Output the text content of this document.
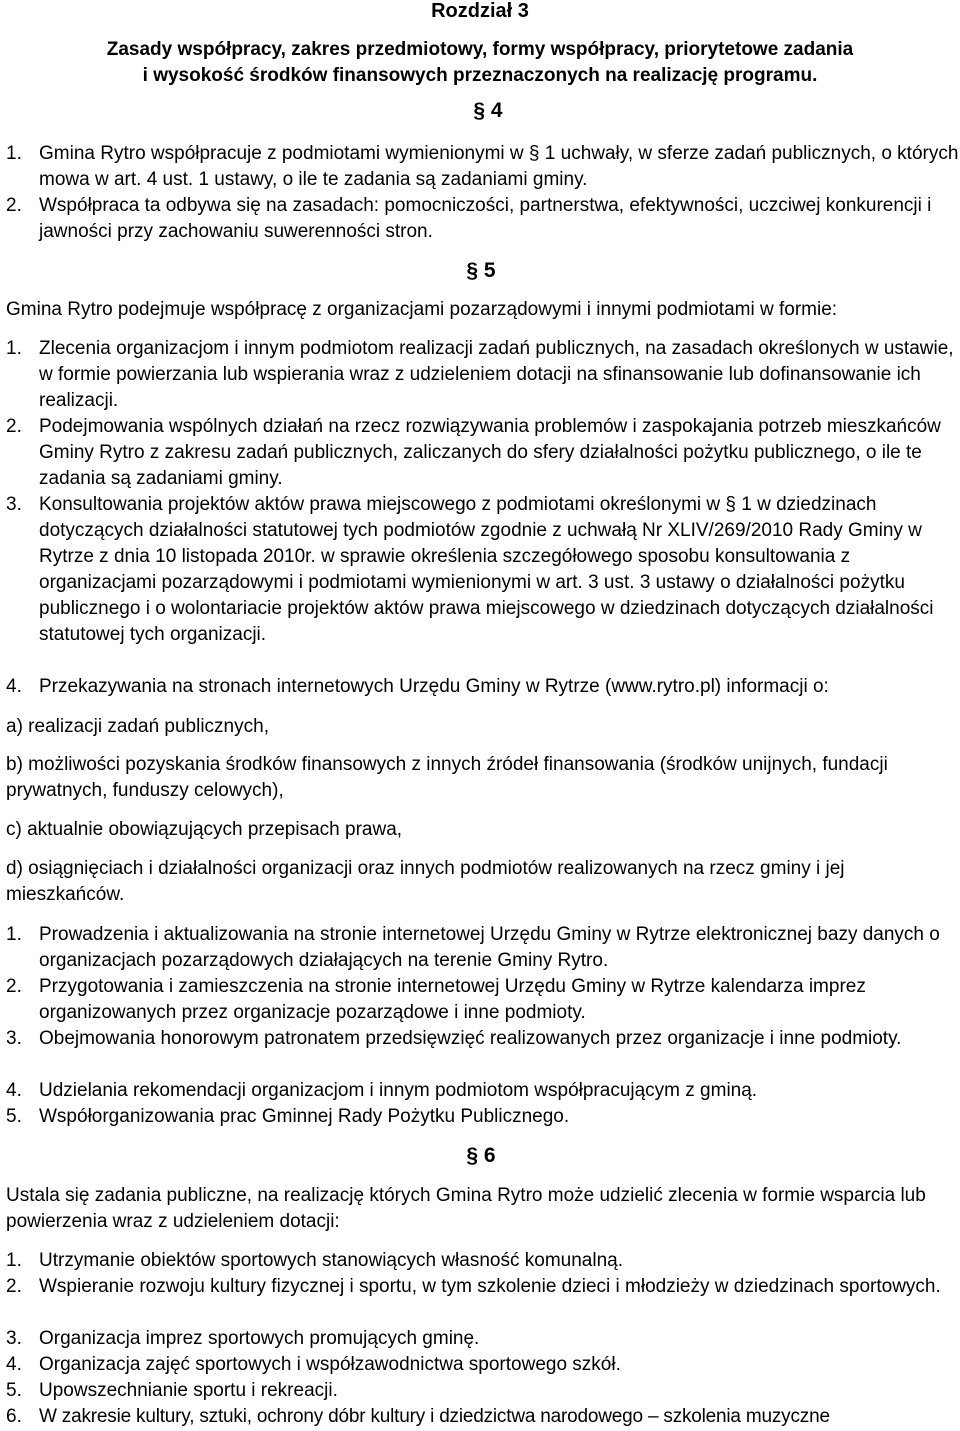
Rozdział 3
Zasady współpracy, zakres przedmiotowy, formy współpracy, priorytetowe zadania
i wysokość środków finansowych przeznaczonych na realizację programu.
§ 4
1. Gmina Rytro współpracuje z podmiotami wymienionymi w § 1 uchwały, w sferze zadań publicznych, o których mowa w art. 4 ust. 1 ustawy, o ile te zadania są zadaniami gminy.
2. Współpraca ta odbywa się na zasadach: pomocniczości, partnerstwa, efektywności, uczciwej konkurencji i jawności przy zachowaniu suwerenności stron.
§ 5
Gmina Rytro podejmuje współpracę z organizacjami pozarządowymi i innymi podmiotami w formie:
1. Zlecenia organizacjom i innym podmiotom realizacji zadań publicznych, na zasadach określonych w ustawie, w formie powierzania lub wspierania wraz z udzieleniem dotacji na sfinansowanie lub dofinansowanie ich realizacji.
2. Podejmowania wspólnych działań na rzecz rozwiązywania problemów i zaspokajania potrzeb mieszkańców Gminy Rytro z zakresu zadań publicznych, zaliczanych do sfery działalności pożytku publicznego, o ile te zadania są zadaniami gminy.
3. Konsultowania projektów aktów prawa miejscowego z podmiotami określonymi w § 1 w dziedzinach dotyczących działalności statutowej tych podmiotów zgodnie z uchwałą Nr XLIV/269/2010 Rady Gminy w Rytrze z dnia 10 listopada 2010r. w sprawie określenia szczegółowego sposobu konsultowania z organizacjami pozarządowymi i podmiotami wymienionymi w art. 3 ust. 3 ustawy o działalności pożytku publicznego i o wolontariacie projektów aktów prawa miejscowego w dziedzinach dotyczących działalności statutowej tych organizacji.
4. Przekazywania na stronach internetowych Urzędu Gminy w Rytrze (www.rytro.pl) informacji o:
a) realizacji zadań publicznych,
b) możliwości pozyskania środków finansowych z innych źródeł finansowania (środków unijnych, fundacji prywatnych, funduszy celowych),
c) aktualnie obowiązujących przepisach prawa,
d) osiągnięciach i działalności organizacji oraz innych podmiotów realizowanych na rzecz gminy i jej mieszkańców.
1. Prowadzenia i aktualizowania na stronie internetowej Urzędu Gminy w Rytrze elektronicznej bazy danych o organizacjach pozarządowych działających na terenie Gminy Rytro.
2. Przygotowania i zamieszczenia na stronie internetowej Urzędu Gminy w Rytrze kalendarza imprez organizowanych przez organizacje pozarządowe i inne podmioty.
3. Obejmowania honorowym patronatem przedsięwzięć realizowanych przez organizacje i inne podmioty.
4. Udzielania rekomendacji organizacjom i innym podmiotom współpracującym z gminą.
5. Współorganizowania prac Gminnej Rady Pożytku Publicznego.
§ 6
Ustala się zadania publiczne, na realizację których Gmina Rytro może udzielić zlecenia w formie wsparcia lub powierzenia wraz z udzieleniem dotacji:
1. Utrzymanie obiektów sportowych stanowiących własność komunalną.
2. Wspieranie rozwoju kultury fizycznej i sportu, w tym szkolenie dzieci i młodzieży w dziedzinach sportowych.
3. Organizacja imprez sportowych promujących gminę.
4. Organizacja zajęć sportowych i współzawodnictwa sportowego szkół.
5. Upowszechnianie sportu i rekreacji.
6. W zakresie kultury, sztuki, ochrony dóbr kultury i dziedzictwa narodowego – szkolenia muzyczne
